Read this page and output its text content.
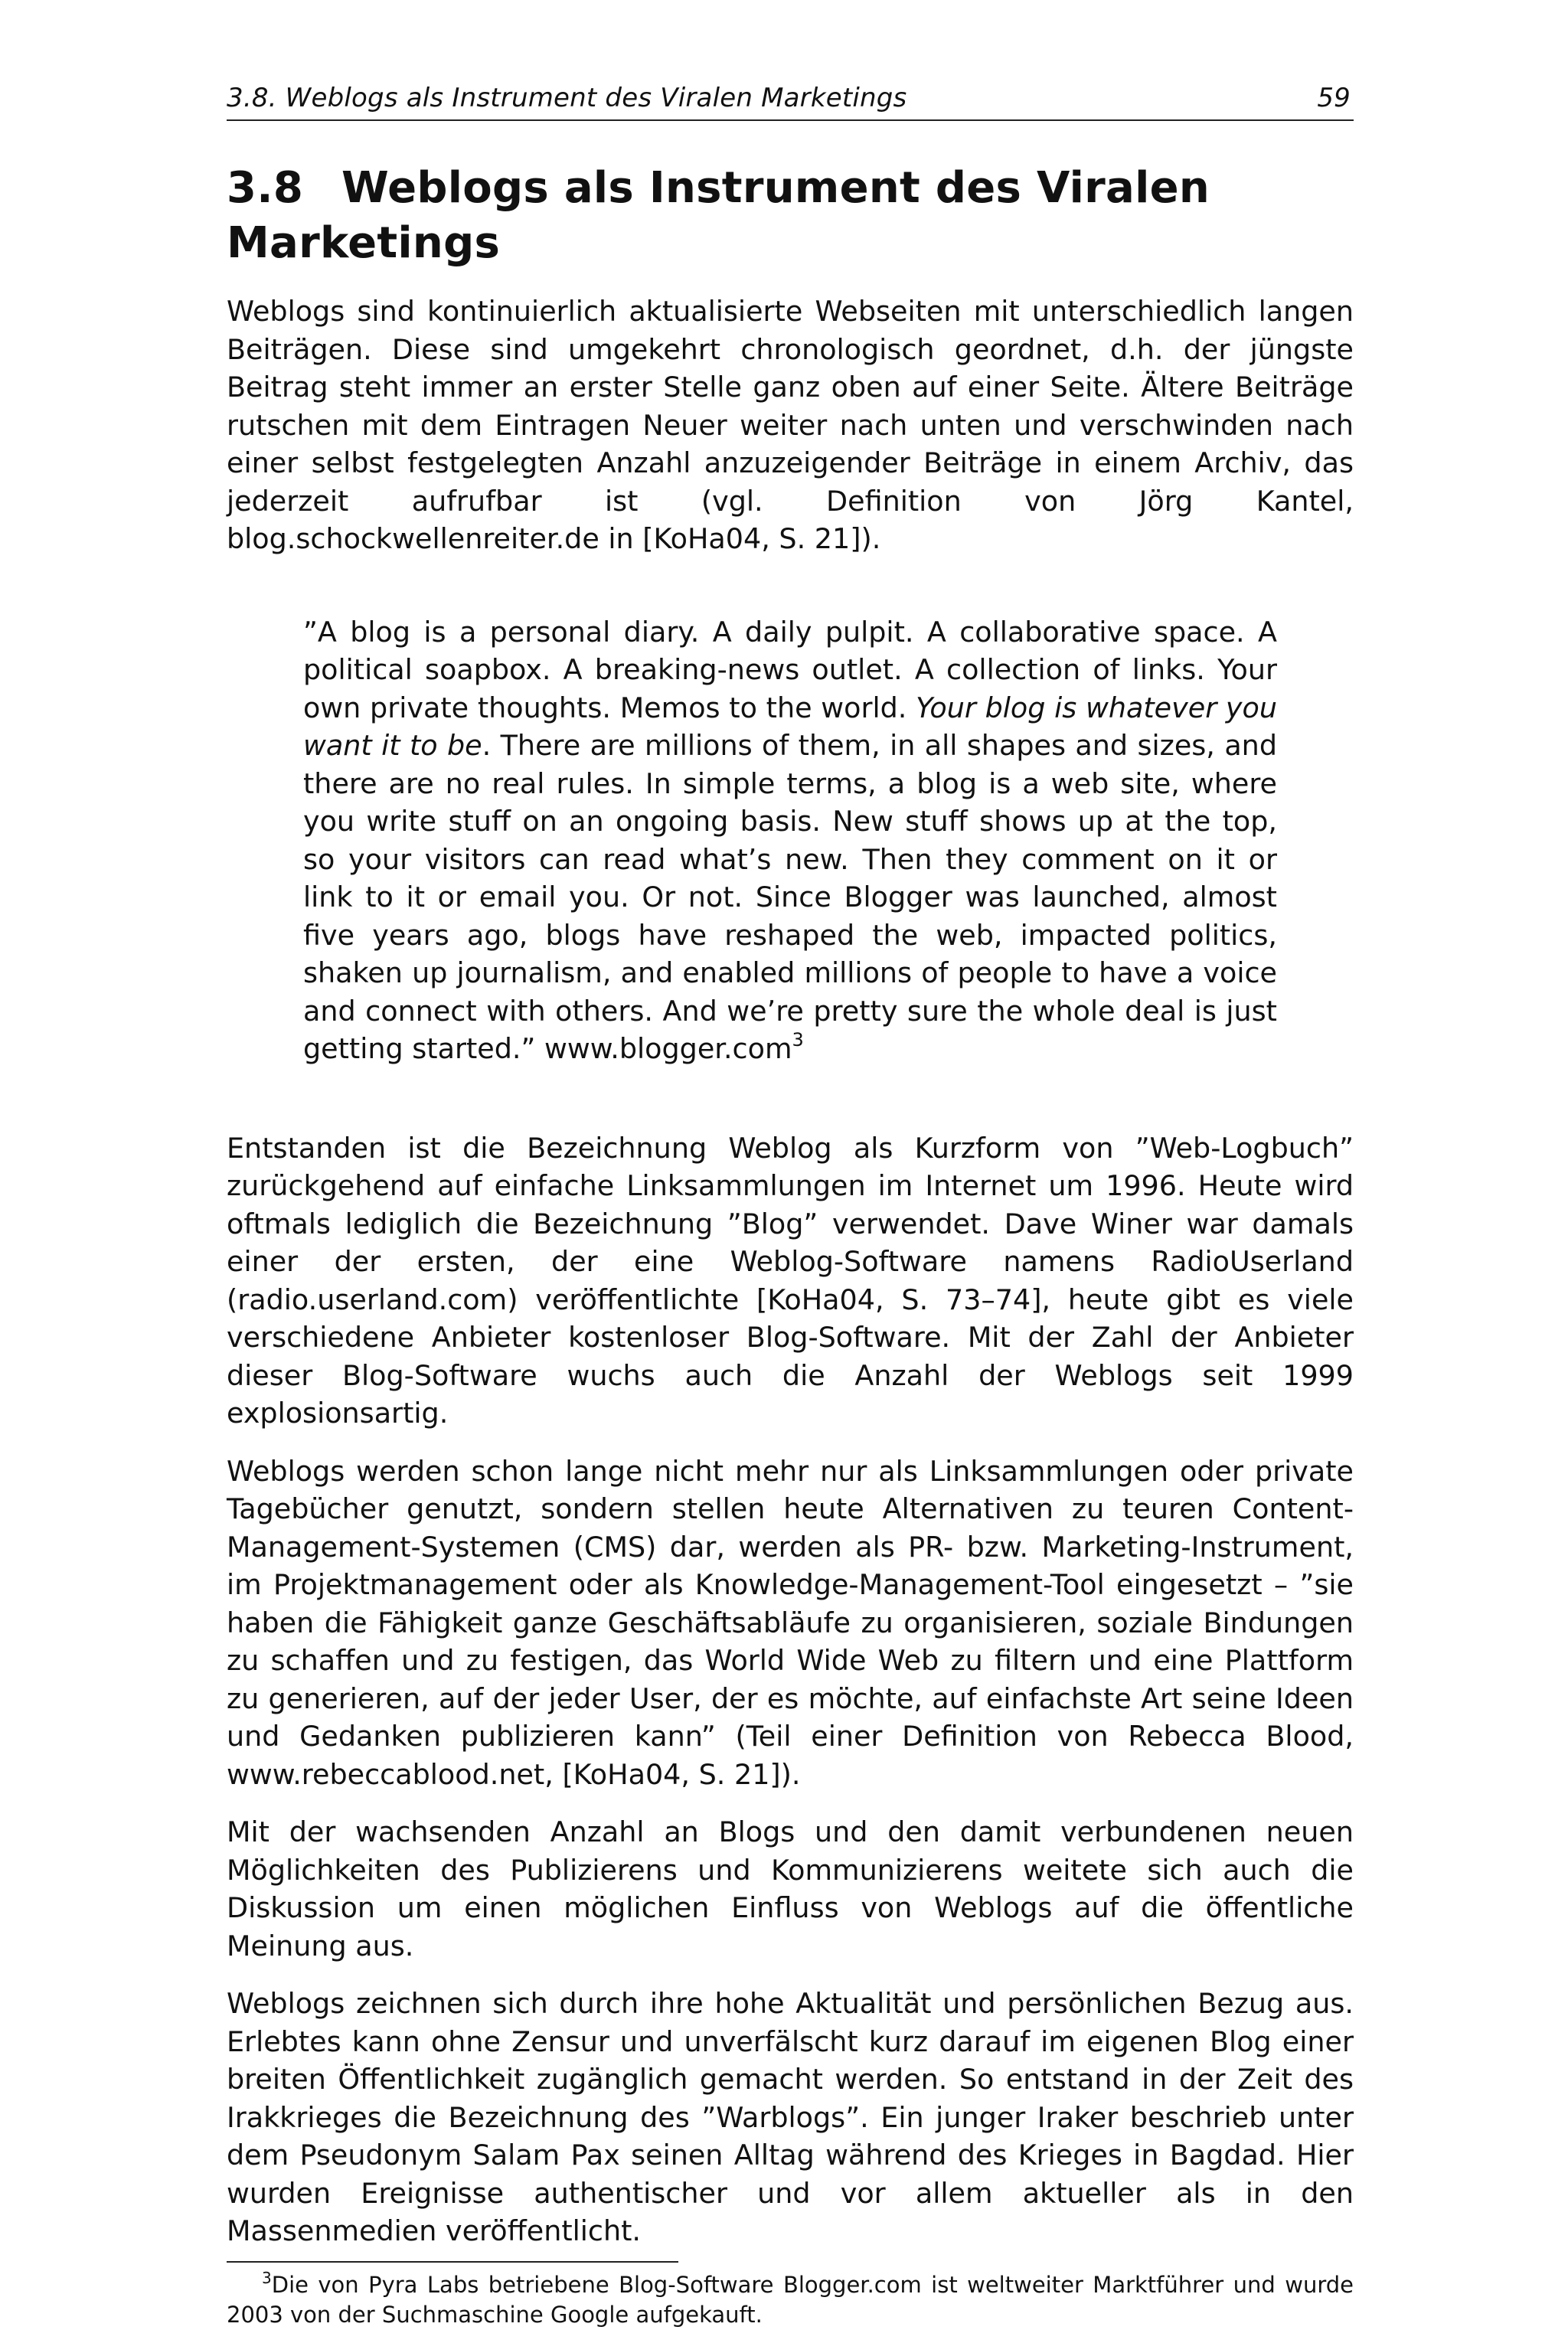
3.8. Weblogs als Instrument des Viralen Marketings	59
3.8 Weblogs als Instrument des Viralen Marketings

Weblogs sind kontinuierlich aktualisierte Webseiten mit unterschiedlich langen Beiträgen. Diese sind umgekehrt chronologisch geordnet, d.h. der jüngste Beitrag steht immer an erster Stelle ganz oben auf einer Seite. Ältere Beiträge rutschen mit dem Eintragen Neuer weiter nach unten und verschwinden nach einer selbst festgelegten Anzahl anzuzeigender Beiträge in einem Archiv, das jederzeit aufrufbar ist (vgl. Definition von Jörg Kantel, blog.schockwellenreiter.de in [KoHa04, S. 21]).

”A blog is a personal diary. A daily pulpit. A collaborative space. A political soapbox. A breaking-news outlet. A collection of links. Your own private thoughts. Memos to the world. Your blog is whatever you want it to be. There are millions of them, in all shapes and sizes, and there are no real rules. In simple terms, a blog is a web site, where you write stuff on an ongoing basis. New stuff shows up at the top, so your visitors can read what’s new. Then they comment on it or link to it or email you. Or not. Since Blogger was launched, almost five years ago, blogs have reshaped the web, impacted politics, shaken up journalism, and enabled millions of people to have a voice and connect with others. And we’re pretty sure the whole deal is just getting started.” www.blogger.com$^3$

Entstanden ist die Bezeichnung Weblog als Kurzform von ”Web-Logbuch” zurückgehend auf einfache Linksammlungen im Internet um 1996. Heute wird oftmals lediglich die Bezeichnung ”Blog” verwendet. Dave Winer war damals einer der ersten, der eine Weblog-Software namens RadioUserland (radio.userland.com) veröffentlichte [KoHa04, S. 73–74], heute gibt es viele verschiedene Anbieter kostenloser Blog-Software. Mit der Zahl der Anbieter dieser Blog-Software wuchs auch die Anzahl der Weblogs seit 1999 explosionsartig.

Weblogs werden schon lange nicht mehr nur als Linksammlungen oder private Tagebücher genutzt, sondern stellen heute Alternativen zu teuren Content-Management-Systemen (CMS) dar, werden als PR- bzw. Marketing-Instrument, im Projektmanagement oder als Knowledge-Management-Tool eingesetzt – ”sie haben die Fähigkeit ganze Geschäftsabläufe zu organisieren, soziale Bindungen zu schaffen und zu festigen, das World Wide Web zu filtern und eine Plattform zu generieren, auf der jeder User, der es möchte, auf einfachste Art seine Ideen und Gedanken publizieren kann” (Teil einer Definition von Rebecca Blood, www.rebeccablood.net, [KoHa04, S. 21]).

Mit der wachsenden Anzahl an Blogs und den damit verbundenen neuen Möglichkeiten des Publizierens und Kommunizierens weitete sich auch die Diskussion um einen möglichen Einfluss von Weblogs auf die öffentliche Meinung aus.

Weblogs zeichnen sich durch ihre hohe Aktualität und persönlichen Bezug aus. Erlebtes kann ohne Zensur und unverfälscht kurz darauf im eigenen Blog einer breiten Öffentlichkeit zugänglich gemacht werden. So entstand in der Zeit des Irakkrieges die Bezeichnung des ”Warblogs”. Ein junger Iraker beschrieb unter dem Pseudonym Salam Pax seinen Alltag während des Krieges in Bagdad. Hier wurden Ereignisse authentischer und vor allem aktueller als in den Massenmedien veröffentlicht.

$^3$Die von Pyra Labs betriebene Blog-Software Blogger.com ist weltweiter Marktführer und wurde 2003 von der Suchmaschine Google aufgekauft.
